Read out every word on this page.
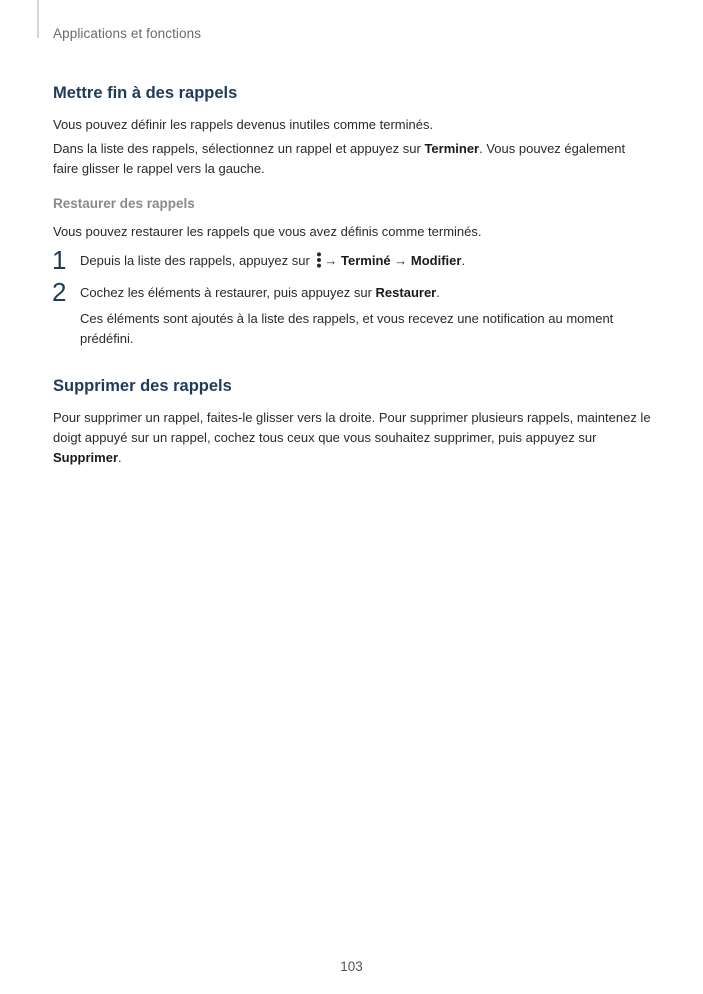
Applications et fonctions
Mettre fin à des rappels

Vous pouvez définir les rappels devenus inutiles comme terminés.

Dans la liste des rappels, sélectionnez un rappel et appuyez sur Terminer. Vous pouvez également faire glisser le rappel vers la gauche.

Restaurer des rappels

Vous pouvez restaurer les rappels que vous avez définis comme terminés.

1 Depuis la liste des rappels, appuyez sur → Terminé → Modifier.
2 Cochez les éléments à restaurer, puis appuyez sur Restaurer.
Ces éléments sont ajoutés à la liste des rappels, et vous recevez une notification au moment prédéfini.
Supprimer des rappels

Pour supprimer un rappel, faites-le glisser vers la droite. Pour supprimer plusieurs rappels, maintenez le doigt appuyé sur un rappel, cochez tous ceux que vous souhaitez supprimer, puis appuyez sur Supprimer.

103
